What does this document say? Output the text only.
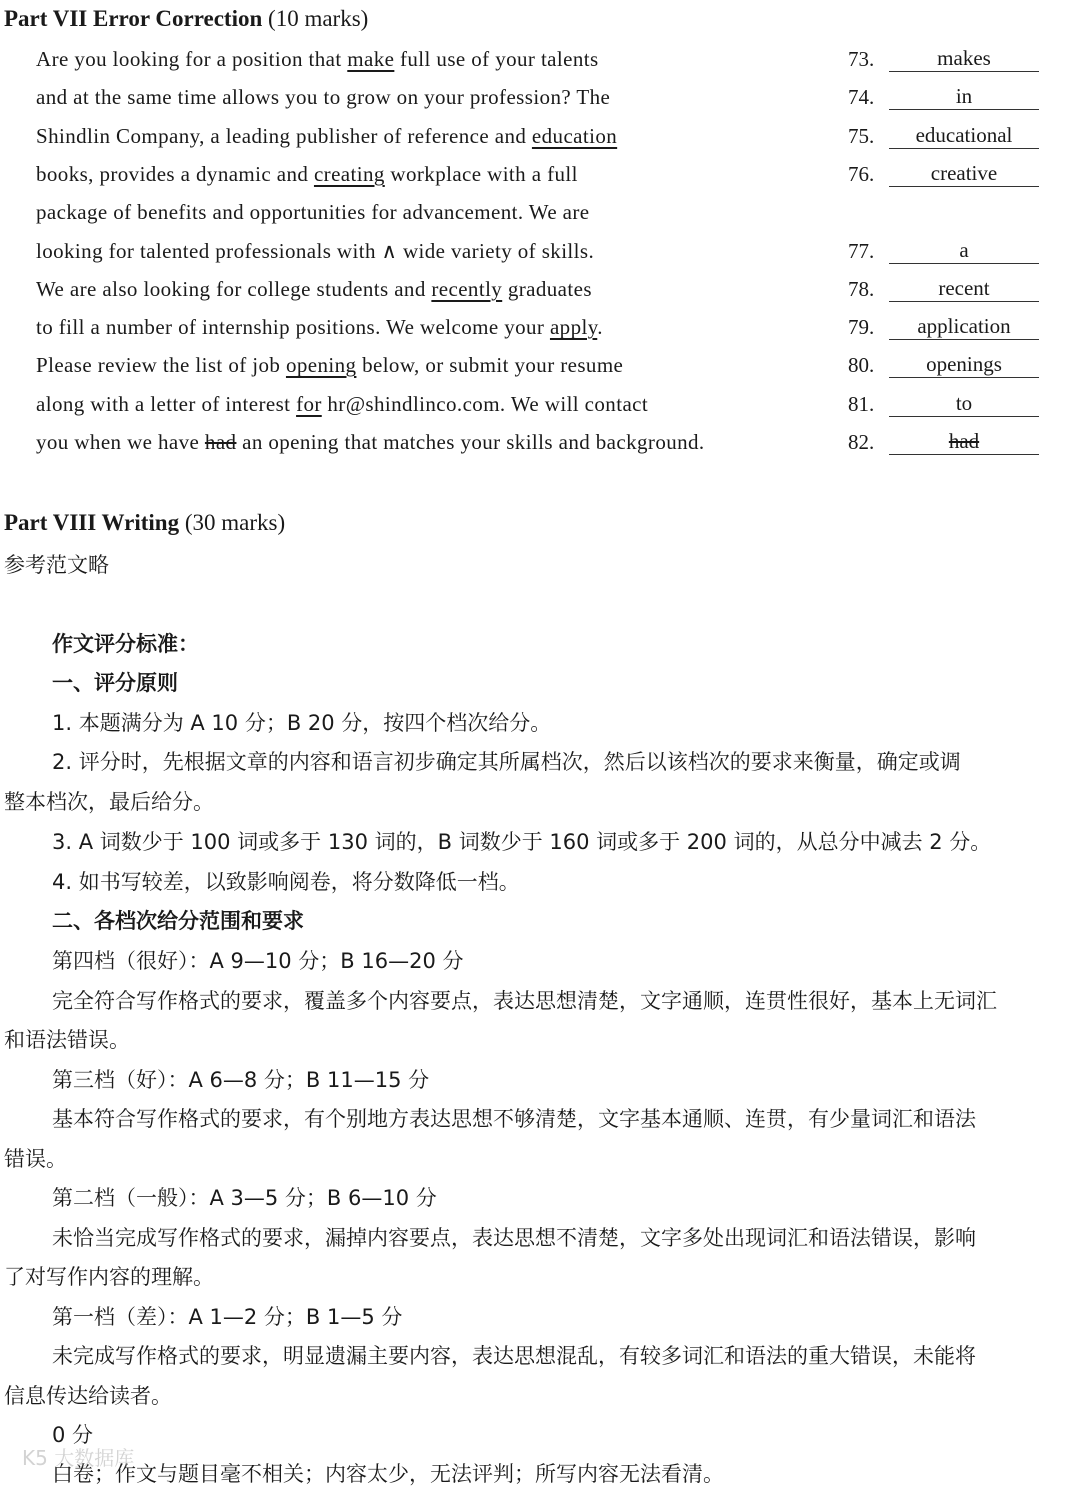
Part VII Error Correction (10 marks)
Are you looking for a position that make full use of your talents	73.	makes
and at the same time allows you to grow on your profession? The	74.	in
Shindlin Company, a leading publisher of reference and education	75.	educational
books, provides a dynamic and creating workplace with a full	76.	creative
package of benefits and opportunities for advancement. We are
looking for talented professionals with ∧ wide variety of skills.	77.	a
We are also looking for college students and recently graduates	78.	recent
to fill a number of internship positions. We welcome your apply.	79.	application
Please review the list of job opening below, or submit your resume	80.	openings
along with a letter of interest for hr@shindlinco.com. We will contact	81.	to
you when we have had an opening that matches your skills and background.	82.	had
Part VIII Writing (30 marks)
参考范文略
作文评分标准：
一、评分原则
1. 本题满分为 A 10 分；B 20 分，按四个档次给分。
2. 评分时，先根据文章的内容和语言初步确定其所属档次，然后以该档次的要求来衡量，确定或调
整本档次，最后给分。
3. A 词数少于 100 词或多于 130 词的，B 词数少于 160 词或多于 200 词的，从总分中减去 2 分。
4. 如书写较差，以致影响阅卷，将分数降低一档。
二、各档次给分范围和要求
第四档（很好）：A 9—10 分；B 16—20 分
完全符合写作格式的要求，覆盖多个内容要点，表达思想清楚，文字通顺，连贯性很好，基本上无词汇
和语法错误。
第三档（好）：A 6—8 分；B 11—15 分
基本符合写作格式的要求，有个别地方表达思想不够清楚，文字基本通顺、连贯，有少量词汇和语法
错误。
第二档（一般）：A 3—5 分；B 6—10 分
未恰当完成写作格式的要求，漏掉内容要点，表达思想不清楚，文字多处出现词汇和语法错误，影响
了对写作内容的理解。
第一档（差）：A 1—2 分；B 1—5 分
未完成写作格式的要求，明显遗漏主要内容，表达思想混乱，有较多词汇和语法的重大错误，未能将
信息传达给读者。
0 分
白卷；作文与题目毫不相关；内容太少，无法评判；所写内容无法看清。
K5 大数据库
